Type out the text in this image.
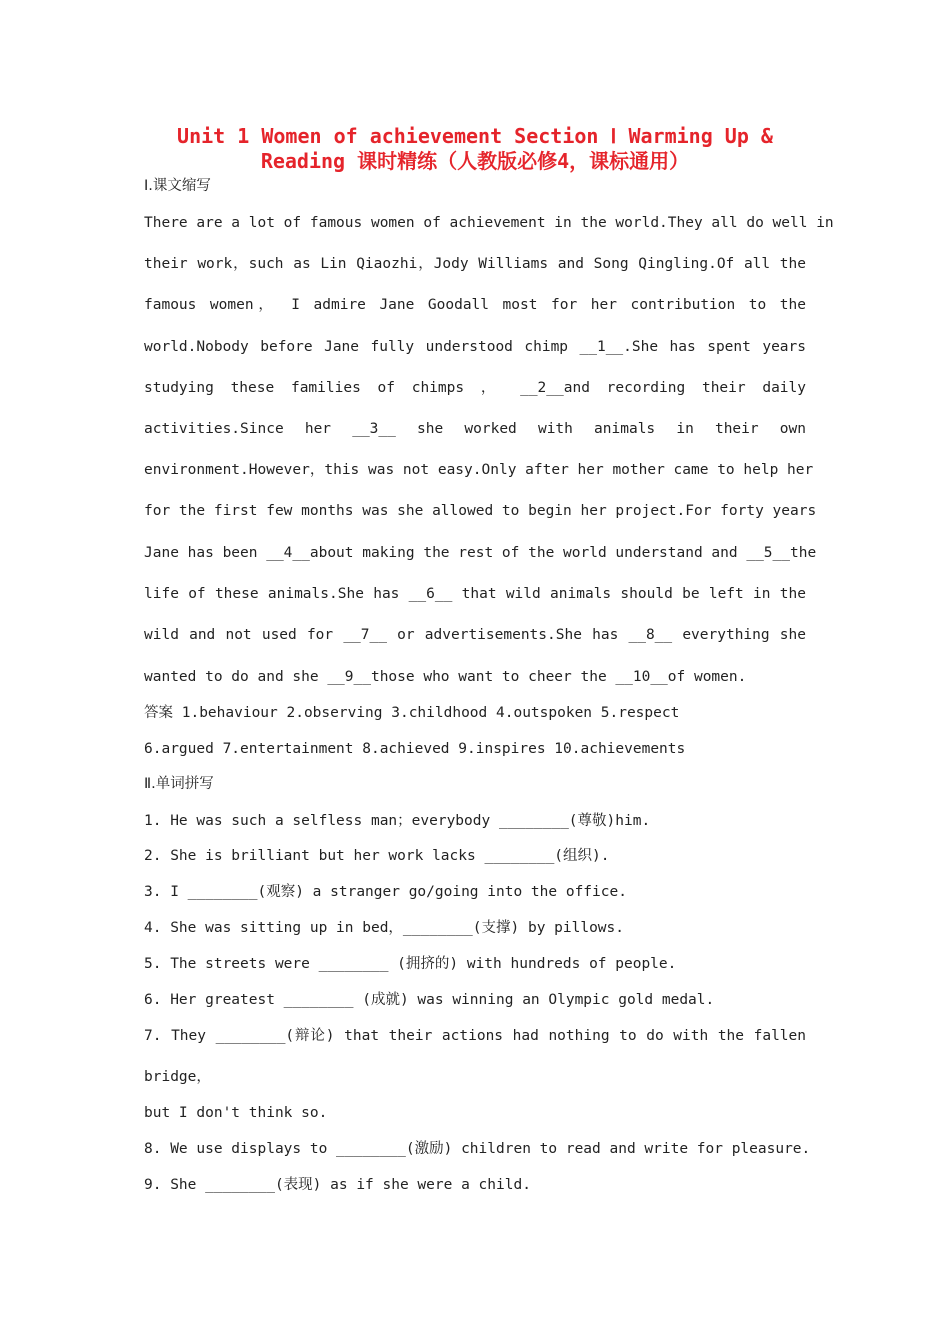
Unit 1 Women of achievement Section Ⅰ Warming Up &
Reading 课时精练（人教版必修4，课标通用）
Ⅰ.课文缩写
There are a lot of famous women of achievement in the world.They all do well in
their work，such as Lin Qiaozhi，Jody Williams and Song Qingling.Of all the
famous women， I admire Jane Goodall most for her contribution to the
world.Nobody before Jane fully understood chimp __1__.She has spent years
studying these families of chimps ， __2__and recording their daily
activities.Since her __3__ she worked with animals in their own
environment.However，this was not easy.Only after her mother came to help her
for the first few months was she allowed to begin her project.For forty years
Jane has been __4__about making the rest of the world understand and __5__the
life of these animals.She has __6__ that wild animals should be left in the
wild and not used for __7__ or advertisements.She has __8__ everything she
wanted to do and she __9__those who want to cheer the __10__of women.
答案 1.behaviour 2.observing 3.childhood 4.outspoken 5.respect
6.argued 7.entertainment 8.achieved 9.inspires 10.achievements
Ⅱ.单词拼写
1. He was such a selfless man；everybody ________(尊敬)him.
2. She is brilliant but her work lacks ________(组织).
3. I ________(观察) a stranger go/going into the office.
4. She was sitting up in bed，________(支撑) by pillows.
5. The streets were ________ (拥挤的) with hundreds of people.
6. Her greatest ________ (成就) was winning an Olympic gold medal.
7. They ________(辩论) that their actions had nothing to do with the fallen
bridge，
but I don't think so.
8. We use displays to ________(激励) children to read and write for pleasure.
9. She ________(表现) as if she were a child.
